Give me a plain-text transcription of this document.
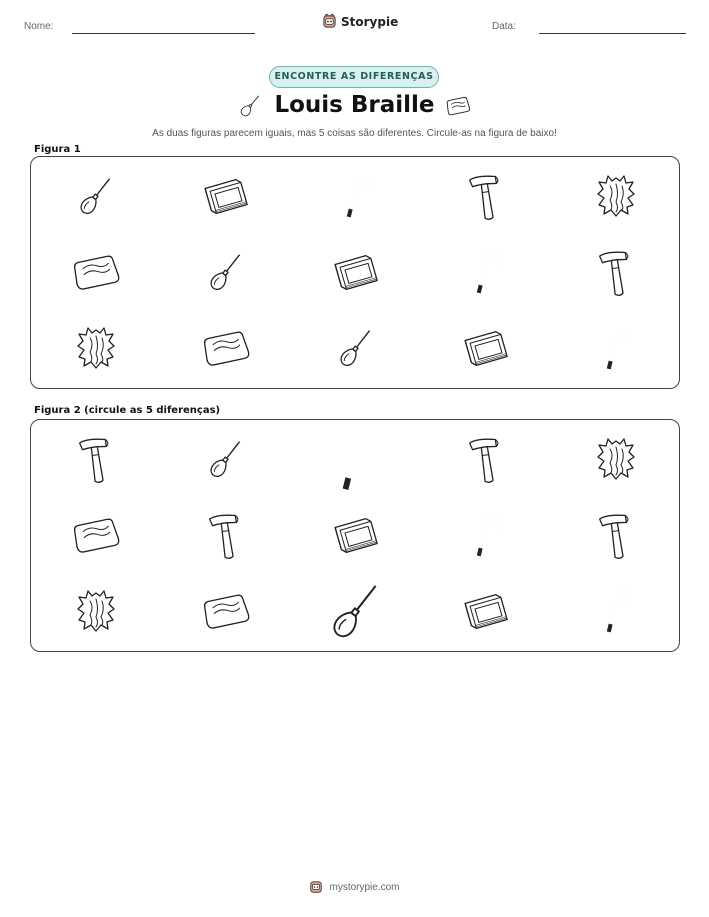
Nome:	Storypie	Data:
ENCONTRE AS DIFERENÇAS
Louis Braille
As duas figuras parecem iguais, mas 5 coisas são diferentes. Circule-as na figura de baixo!
Figura 1
Figura 2 (circule as 5 diferenças)
mystorypie.com
